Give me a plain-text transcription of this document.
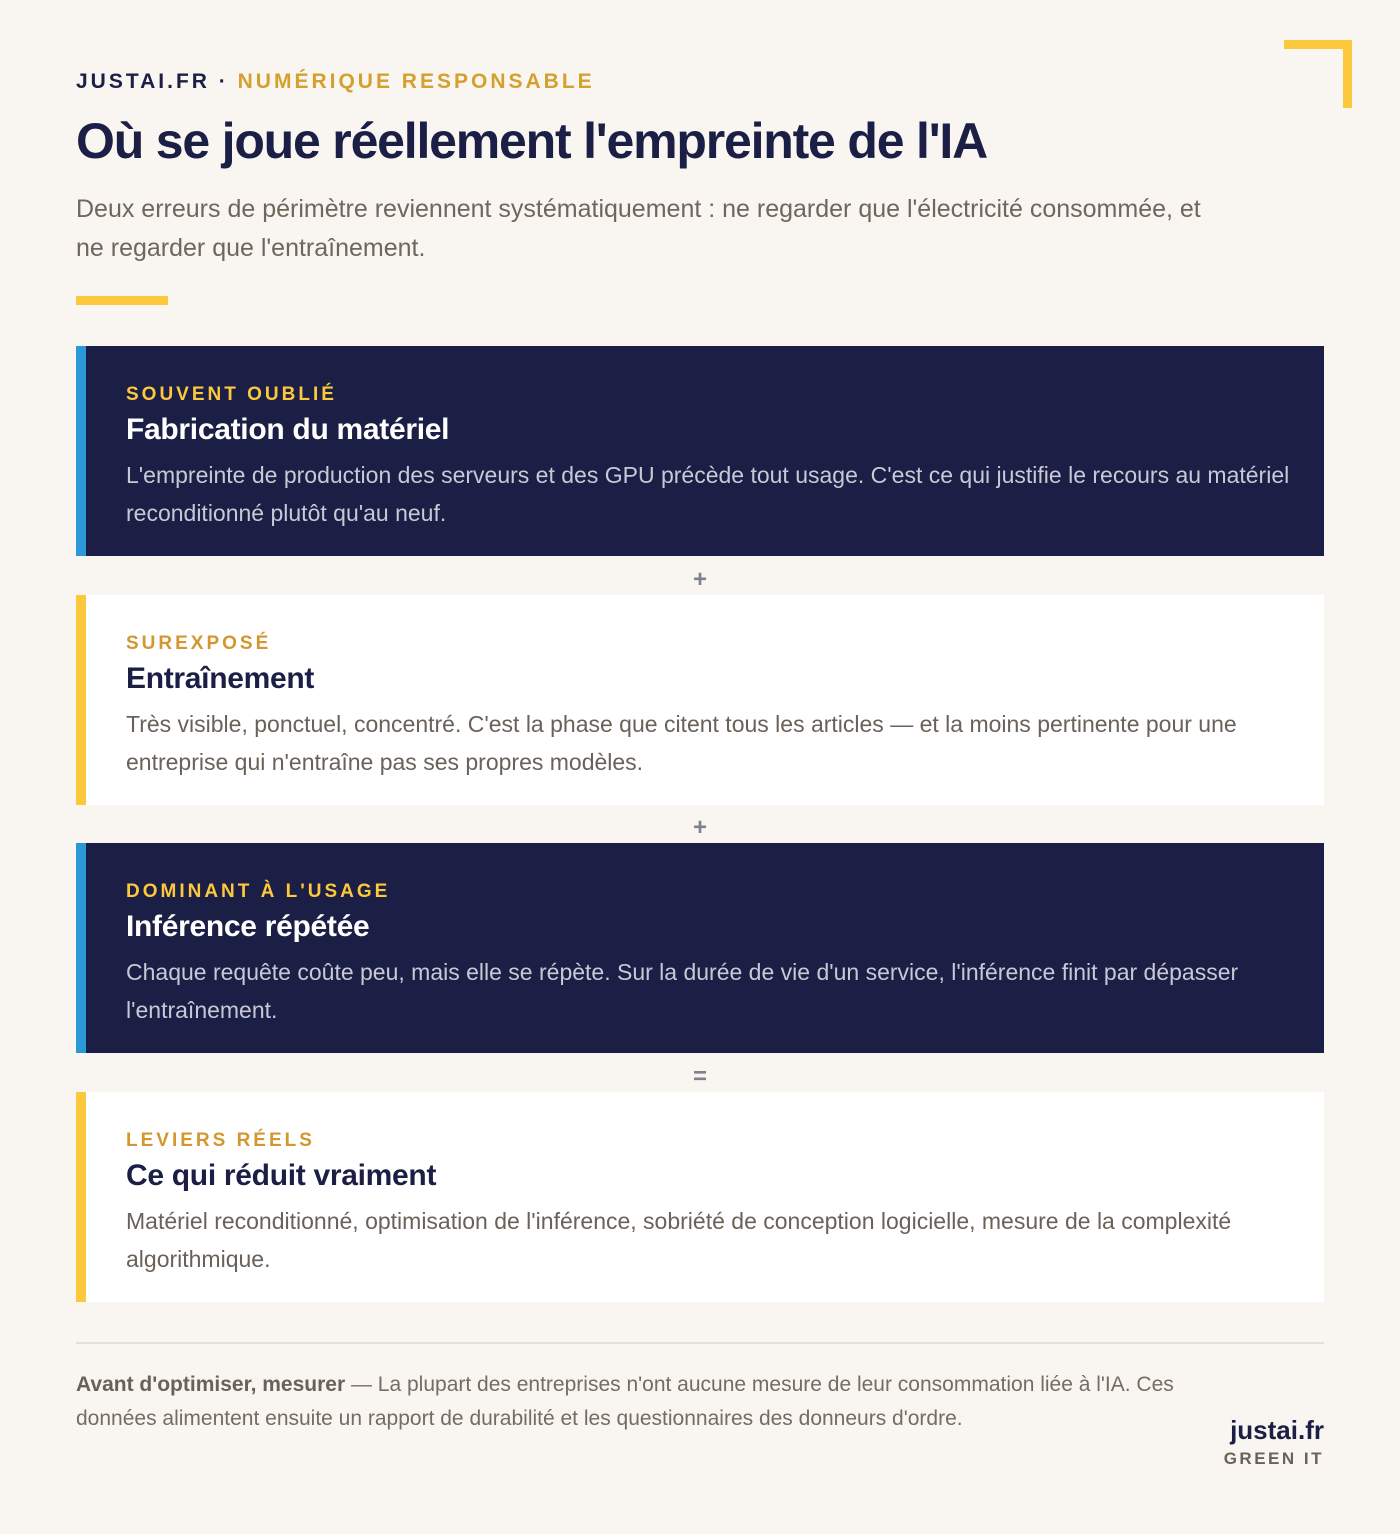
JUSTAI.FR · NUMÉRIQUE RESPONSABLE
Où se joue réellement l'empreinte de l'IA

Deux erreurs de périmètre reviennent systématiquement : ne regarder que l'électricité consommée, et ne regarder que l'entraînement.

SOUVENT OUBLIÉ
Fabrication du matériel
L'empreinte de production des serveurs et des GPU précède tout usage. C'est ce qui justifie le recours au matériel reconditionné plutôt qu'au neuf.
+
SUREXPOSÉ
Entraînement
Très visible, ponctuel, concentré. C'est la phase que citent tous les articles — et la moins pertinente pour une entreprise qui n'entraîne pas ses propres modèles.
+
DOMINANT À L'USAGE
Inférence répétée
Chaque requête coûte peu, mais elle se répète. Sur la durée de vie d'un service, l'inférence finit par dépasser l'entraînement.
=
LEVIERS RÉELS
Ce qui réduit vraiment
Matériel reconditionné, optimisation de l'inférence, sobriété de conception logicielle, mesure de la complexité algorithmique.

Avant d'optimiser, mesurer — La plupart des entreprises n'ont aucune mesure de leur consommation liée à l'IA. Ces données alimentent ensuite un rapport de durabilité et les questionnaires des donneurs d'ordre.	justai.fr
GREEN IT
